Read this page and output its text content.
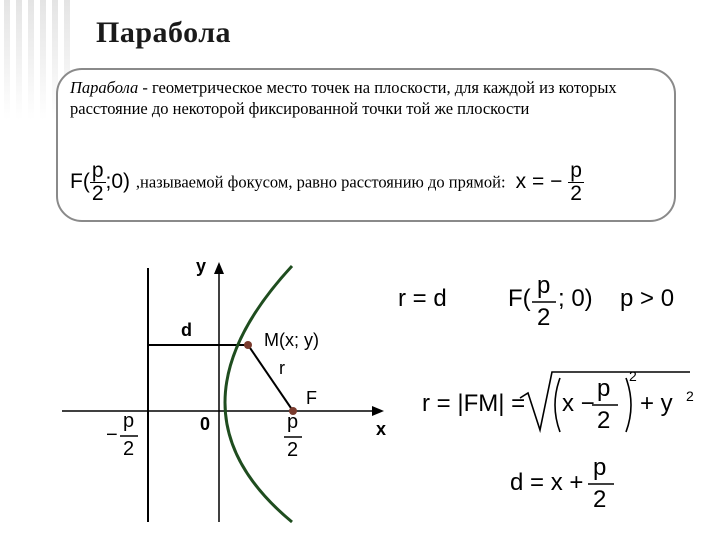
Парабола
Парабола - геометрическое место точек на плоскости, для каждой из которых расстояние до некоторой фиксированной точки той же плоскости
$F( \frac{p}{2}$ ;0) ,называемой фокусом, равно расстоянию до прямой: x = − $\frac{p}{2}$
y
x
0
d	M(x; y)
r
F
−
p
2
p
2
r = d	F( p
2
; 0) p > 0
r = |FM| = x −
p
2
2
+ y 2
d = x +
p
2
